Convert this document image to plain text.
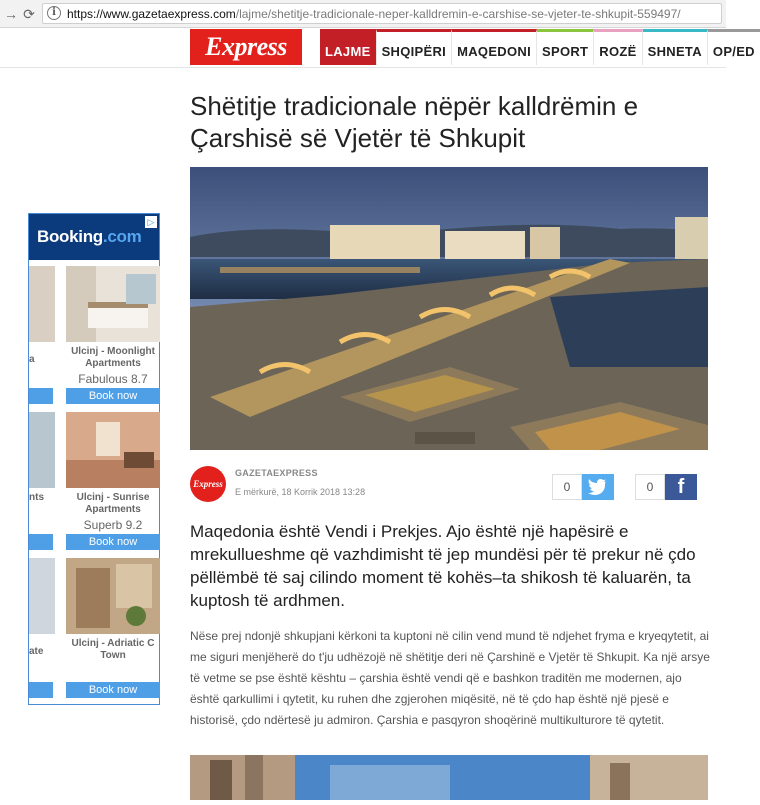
→ ⟳	i https://www.gazetaexpress.com/lajme/shetitje-tradicionale-neper-kalldremin-e-carshise-se-vjeter-te-shkupit-559497/
Express	LAJME SHQIPËRI MAQEDONI SPORT ROZË SHNETA OP/ED
Booking.com
▷
a
nts
ate
Ulcinj - Moonlight Apartments
Fabulous 8.7
Book now
Ulcinj - Sunrise Apartments
Superb 9.2
Book now
Ulcinj - Adriatic C Town
Book now
Shëtitje tradicionale nëpër kalldrëmin e
Çarshisë së Vjetër të Shkupit
Express
GAZETAEXPRESS
E mërkurë, 18 Korrik 2018 13:28	0	0	f

Maqedonia është Vendi i Prekjes. Ajo është një hapësirë e mrekullueshme që vazhdimisht të jep mundësi për të prekur në çdo pëllëmbë të saj cilindo moment të kohës–ta shikosh të kaluarën, ta kuptosh të ardhmen.

Nëse prej ndonjë shkupjani kërkoni ta kuptoni në cilin vend mund të ndjehet fryma e kryeqytetit, ai me siguri menjëherë do t'ju udhëzojë në shëtitje deri në Çarshinë e Vjetër të Shkupit. Ka një arsye të vetme se pse është kështu – çarshia është vendi që e bashkon traditën me modernen, ajo është qarkullimi i qytetit, ku ruhen dhe zgjerohen miqësitë, në të çdo hap është një pjesë e historisë, çdo ndërtesë ju admiron. Çarshia e pasqyron shoqërinë multikulturore të qytetit.
